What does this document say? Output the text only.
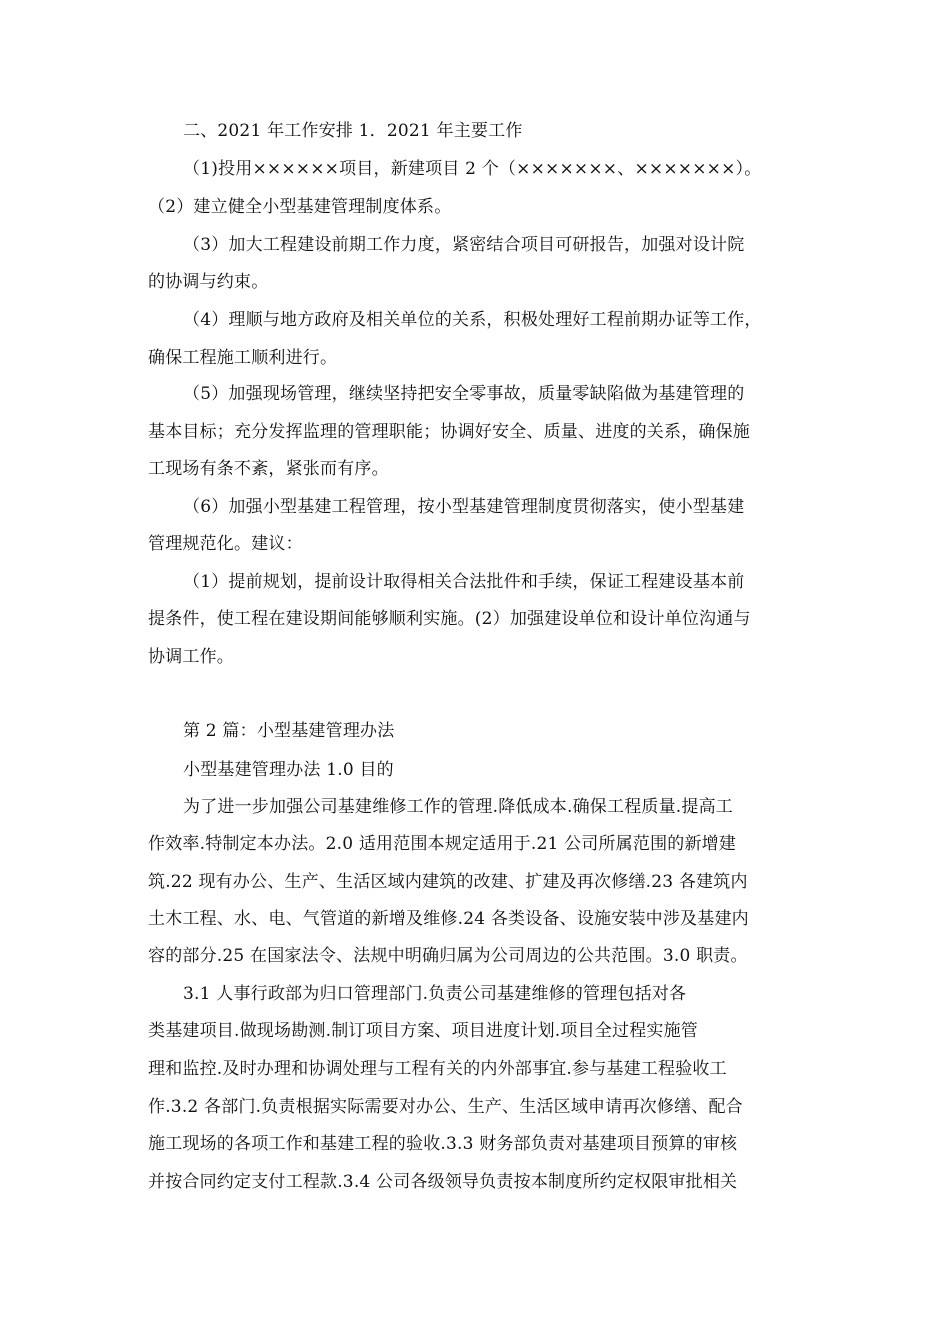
二、2021 年工作安排 1．2021 年主要工作
（1)投用××××××项目，新建项目 2 个（×××××××、×××××××）。
（2）建立健全小型基建管理制度体系。
（3）加大工程建设前期工作力度，紧密结合项目可研报告，加强对设计院
的协调与约束。
（4）理顺与地方政府及相关单位的关系，积极处理好工程前期办证等工作，
确保工程施工顺利进行。
（5）加强现场管理，继续坚持把安全零事故，质量零缺陷做为基建管理的
基本目标；充分发挥监理的管理职能；协调好安全、质量、进度的关系，确保施
工现场有条不紊，紧张而有序。
（6）加强小型基建工程管理，按小型基建管理制度贯彻落实，使小型基建
管理规范化。建议：
（1）提前规划，提前设计取得相关合法批件和手续，保证工程建设基本前
提条件，使工程在建设期间能够顺利实施。(2）加强建设单位和设计单位沟通与
协调工作。
第 2 篇：小型基建管理办法
小型基建管理办法 1.0 目的
为了进一步加强公司基建维修工作的管理.降低成本.确保工程质量.提高工
作效率.特制定本办法。2.0 适用范围本规定适用于.21 公司所属范围的新增建
筑.22 现有办公、生产、生活区域内建筑的改建、扩建及再次修缮.23 各建筑内
土木工程、水、电、气管道的新增及维修.24 各类设备、设施安装中涉及基建内
容的部分.25 在国家法令、法规中明确归属为公司周边的公共范围。3.0 职责。
3.1 人事行政部为归口管理部门.负责公司基建维修的管理包括对各
类基建项目.做现场勘测.制订项目方案、项目进度计划.项目全过程实施管
理和监控.及时办理和协调处理与工程有关的内外部事宜.参与基建工程验收工
作.3.2 各部门.负责根据实际需要对办公、生产、生活区域申请再次修缮、配合
施工现场的各项工作和基建工程的验收.3.3 财务部负责对基建项目预算的审核
并按合同约定支付工程款.3.4 公司各级领导负责按本制度所约定权限审批相关
